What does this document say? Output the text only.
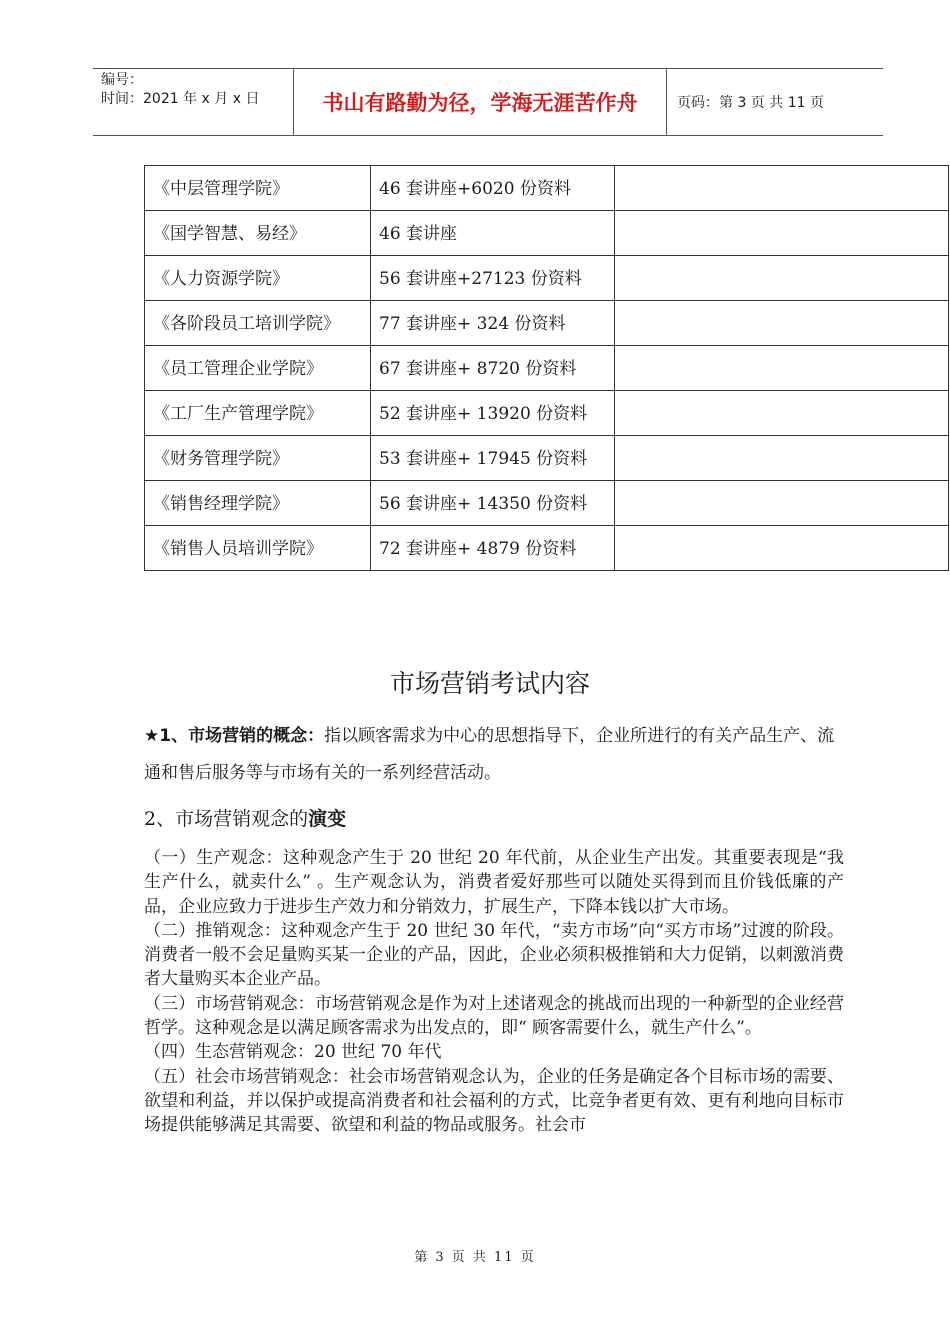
编号：
时间：2021 年 x 月 x 日	书山有路勤为径，学海无涯苦作舟	页码：第 3 页 共 11 页
《中层管理学院》	46 套讲座+6020 份资料	
《国学智慧、易经》	46 套讲座	
《人力资源学院》	56 套讲座+27123 份资料	
《各阶段员工培训学院》	77 套讲座+ 324 份资料	
《员工管理企业学院》	67 套讲座+ 8720 份资料	
《工厂生产管理学院》	52 套讲座+ 13920 份资料	
《财务管理学院》	53 套讲座+ 17945 份资料	
《销售经理学院》	56 套讲座+ 14350 份资料	
《销售人员培训学院》	72 套讲座+ 4879 份资料	
市场营销考试内容
★1、市场营销的概念：指以顾客需求为中心的思想指导下，企业所进行的有关产品生产、流通和售后服务等与市场有关的一系列经营活动。
2、市场营销观念的演变

（一）生产观念：这种观念产生于 20 世纪 20 年代前，从企业生产出发。其重要表现是“我生产什么，就卖什么” 。生产观念认为，消费者爱好那些可以随处买得到而且价钱低廉的产品，企业应致力于进步生产效力和分销效力，扩展生产，下降本钱以扩大市场。

（二）推销观念：这种观念产生于 20 世纪 30 年代，“卖方市场”向“买方市场”过渡的阶段。消费者一般不会足量购买某一企业的产品，因此，企业必须积极推销和大力促销，以刺激消费者大量购买本企业产品。

（三）市场营销观念：市场营销观念是作为对上述诸观念的挑战而出现的一种新型的企业经营哲学。这种观念是以满足顾客需求为出发点的，即“ 顾客需要什么，就生产什么”。

（四）生态营销观念：20 世纪 70 年代

（五）社会市场营销观念：社会市场营销观念认为，企业的任务是确定各个目标市场的需要、欲望和利益，并以保护或提高消费者和社会福利的方式，比竞争者更有效、更有利地向目标市场提供能够满足其需要、欲望和利益的物品或服务。社会市

第 3 页 共 11 页
